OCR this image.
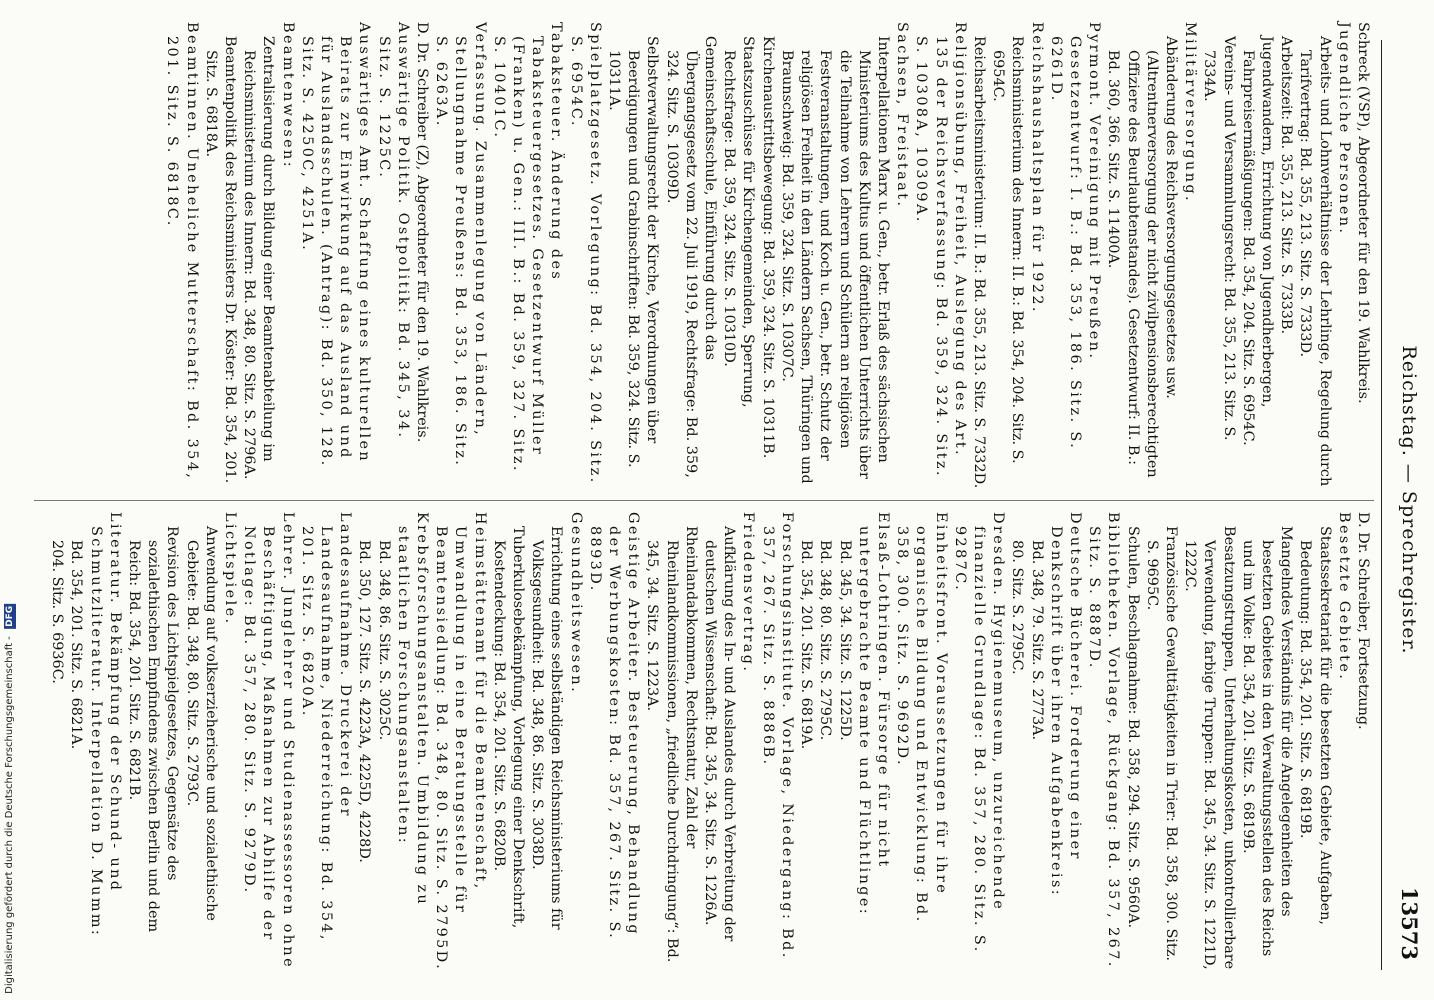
Reichstag. — Sprechregister.
13573

Schreck (VSP), Abgeordneter für den 19. Wahlkreis.

Jugendliche Personen.

Arbeits- und Lohnverhältnisse der Lehrlinge, Regelung durch Tarifvertrag: Bd. 355, 213. Sitz. S. 7333D.

Arbeitszeit: Bd. 355, 213. Sitz. S. 7333B.

Jugendwandern, Errichtung von Jugendherbergen, Fahrpreisermäßigungen: Bd. 354, 204. Sitz. S. 6954C.

Vereins- und Versammlungsrecht: Bd. 355, 213. Sitz. S. 7334A.

Militärversorgung.

Abänderung des Reichsversorgungsgesetzes usw. (Altrentnerversorgung der nicht zivilpensionsberechtigten Offiziere des Beurlaubtenstandes). Gesetzentwurf: II. B.: Bd. 360, 366. Sitz. S. 11400A.

Pyrmont. Vereinigung mit Preußen. Gesetzentwurf: I. B.: Bd. 353, 186. Sitz. S. 6261D.

Reichshaushaltsplan für 1922.

Reichsministerium des Innern: II. B.: Bd. 354, 204. Sitz. S. 6954C.

Reichsarbeitsministerium: II. B.: Bd. 355, 213. Sitz. S. 7332D.

Religionsübung, Freiheit, Auslegung des Art. 135 der Reichsverfassung: Bd. 359, 324. Sitz. S. 10308A, 10309A.

Sachsen, Freistaat.

Interpellationen Marx u. Gen., betr. Erlaß des sächsischen Ministeriums des Kultus und öffentlichen Unterrichts über die Teilnahme von Lehrern und Schülern an religiösen Festveranstaltungen, und Koch u. Gen., betr. Schutz der religiösen Freiheit in den Ländern Sachsen, Thüringen und Braunschweig: Bd. 359, 324. Sitz. S. 10307C.

Kirchenaustrittsbewegung: Bd. 359, 324. Sitz. S. 10311B.

Staatszuschüsse für Kirchengemeinden, Sperrung, Rechtsfrage: Bd. 359, 324. Sitz. S. 10310D.

Gemeinschaftsschule, Einführung durch das Übergangsgesetz vom 22. Juli 1919, Rechtsfrage: Bd. 359, 324. Sitz. S. 10309D.

Selbstverwaltungsrecht der Kirche, Verordnungen über Beerdigungen und Grabinschriften: Bd. 359, 324. Sitz. S. 10311A.

Spielplatzgesetz. Vorlegung: Bd. 354, 204. Sitz. S. 6954C.

Tabaksteuer. Änderung des Tabaksteuergesetzes. Gesetzentwurf Müller (Franken) u. Gen.: III. B.: Bd. 359, 327. Sitz. S. 10401C.

Verfassung. Zusammenlegung von Ländern, Stellungnahme Preußens: Bd. 353, 186. Sitz. S. 6263A.

D. Dr. Schreiber (Z), Abgeordneter für den 19. Wahlkreis.

Auswärtige Politik. Ostpolitik: Bd. 345, 34. Sitz. S. 1225C.

Auswärtiges Amt. Schaffung eines kulturellen Beirats zur Einwirkung auf das Ausland und für Auslandsschulen. (Antrag): Bd. 350, 128. Sitz. S. 4250C, 4251A.

Beamtenwesen:

Zentralisierung durch Bildung einer Beamtenabteilung im Reichsministerium des Innern: Bd. 348, 80. Sitz. S. 2796A.

Beamtenpolitik des Reichsministers Dr. Köster: Bd. 354, 201. Sitz. S. 6818A.

Beamtinnen. Uneheliche Mutterschaft: Bd. 354, 201. Sitz. S. 6818C.

D. Dr. Schreiber, Fortsetzung.

Besetzte Gebiete.

Staatssekretariat für die besetzten Gebiete, Aufgaben, Bedeutung: Bd. 354, 201. Sitz. S. 6819B.

Mangelndes Verständnis für die Angelegenheiten des besetzten Gebietes in den Verwaltungsstellen des Reichs und im Volke: Bd. 354, 201. Sitz. S. 6819B.

Besatzungstruppen, Unterhaltungskosten, unkontrollierbare Verwendung, farbige Truppen: Bd. 345, 34. Sitz. S. 1221D, 1222C.

Französische Gewalttätigkeiten in Trier: Bd. 358, 300. Sitz. S. 9695C.

Schulen, Beschlagnahme: Bd. 358, 294. Sitz. S. 9560A.

Bibliotheken. Vorlage, Rückgang: Bd. 357, 267. Sitz. S. 8887D.

Deutsche Bücherei. Forderung einer Denkschrift über ihren Aufgabenkreis:

Bd. 348, 79. Sitz. S. 2773A.

80. Sitz. S. 2795C.

Dresden. Hygienemuseum, unzureichende finanzielle Grundlage: Bd. 357, 280. Sitz. S. 9287C.

Einheitsfront. Voraussetzungen für ihre organische Bildung und Entwicklung: Bd. 358, 300. Sitz. S. 9692D.

Elsaß-Lothringen. Fürsorge für nicht untergebrachte Beamte und Flüchtlinge:

Bd. 345, 34. Sitz. S. 1225D.

Bd. 348, 80. Sitz. S. 2795C.

Bd. 354, 201. Sitz. S. 6819A.

Forschungsinstitute. Vorlage, Niedergang: Bd. 357, 267. Sitz. S. 8886B.

Friedensvertrag.

Aufklärung des In- und Auslandes durch Verbreitung der deutschen Wissenschaft: Bd. 345, 34. Sitz. S. 1226A.

Rheinlandabkommen, Rechtsnatur, Zahl der Rheinlandkommissionen, „friedliche Durchdringung“: Bd. 345, 34. Sitz. S. 1223A.

Geistige Arbeiter. Besteuerung, Behandlung der Werbungskosten: Bd. 357, 267. Sitz. S. 8893D.

Gesundheitswesen.

Errichtung eines selbständigen Reichsministeriums für Volksgesundheit: Bd. 348, 86. Sitz. S. 3038D.

Tuberkulosebekämpfung, Vorlegung einer Denkschrift, Kostendeckung: Bd. 354, 201. Sitz. S. 6820B.

Heimstättenamt für die Beamtenschaft, Umwandlung in eine Beratungsstelle für Beamtensiedlung: Bd. 348, 80. Sitz. S. 2795D.

Krebsforschungsanstalten. Umbildung zu staatlichen Forschungsanstalten:

Bd. 348, 86. Sitz. S. 3025C.

Bd. 350, 127. Sitz. S. 4223A, 4225D, 4228D.

Landesaufnahme. Druckerei der Landesaufnahme, Niederreichung: Bd. 354, 201. Sitz. S. 6820A.

Lehrer. Junglehrer und Studienassessoren ohne Beschäftigung, Maßnahmen zur Abhilfe der Notlage: Bd. 357, 280. Sitz. S. 9279D.

Lichtspiele.

Anwendung auf volkserzieherische und sozialethische Gebiete: Bd. 348, 80. Sitz. S. 2793C.

Revision des Lichtspielgesetzes, Gegensätze des sozialethischen Empfindens zwischen Berlin und dem Reich: Bd. 354, 201. Sitz. S. 6821B.

Literatur. Bekämpfung der Schund- und Schmutzliteratur. Interpellation D. Mumm:

Bd. 354, 201. Sitz. S. 6821A.

204. Sitz. S. 6936C.

Digitalisierung gefördert durch die Deutsche Forschungsgemeinschaft - DFG
